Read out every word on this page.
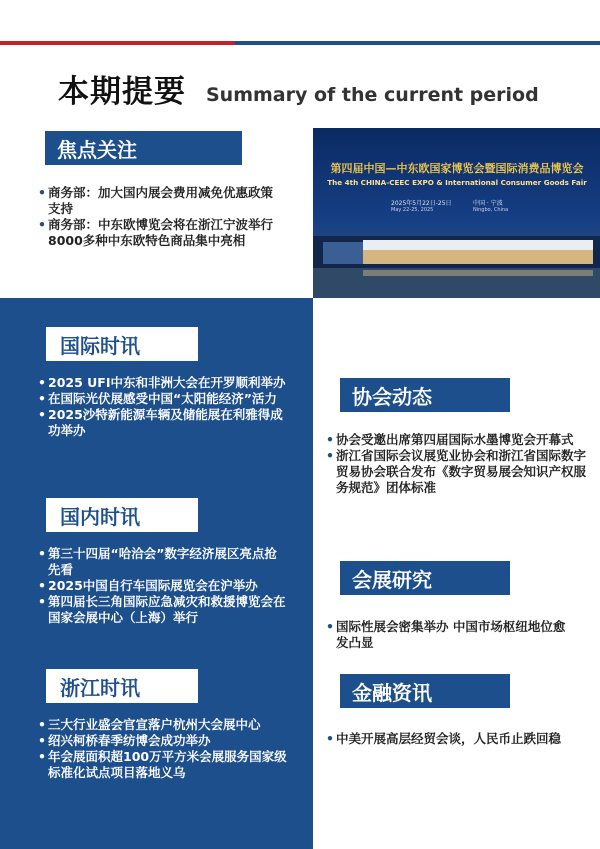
本期提要 Summary of the current period
焦点关注
• 商务部：加大国内展会费用减免优惠政策支持
• 商务部：中东欧博览会将在浙江宁波举行8000多种中东欧特色商品集中亮相
第四届中国—中东欧国家博览会暨国际消费品博览会
The 4th CHINA-CEEC EXPO & International Consumer Goods Fair
2025年5月22日-25日
May 22-25, 2025
中国 · 宁波
Ningbo, China
国际时讯
• 2025 UFI中东和非洲大会在开罗顺利举办
• 在国际光伏展感受中国“太阳能经济”活力
• 2025沙特新能源车辆及储能展在利雅得成功举办
国内时讯
• 第三十四届“哈洽会”数字经济展区亮点抢先看
• 2025中国自行车国际展览会在沪举办
• 第四届长三角国际应急减灾和救援博览会在国家会展中心（上海）举行
浙江时讯
• 三大行业盛会官宣落户杭州大会展中心
• 绍兴柯桥春季纺博会成功举办
• 年会展面积超100万平方米会展服务国家级标准化试点项目落地义乌
协会动态
• 协会受邀出席第四届国际水墨博览会开幕式
• 浙江省国际会议展览业协会和浙江省国际数字贸易协会联合发布《数字贸易展会知识产权服务规范》团体标准
会展研究
• 国际性展会密集举办 中国市场枢纽地位愈发凸显
金融资讯
• 中美开展高层经贸会谈，人民币止跌回稳
